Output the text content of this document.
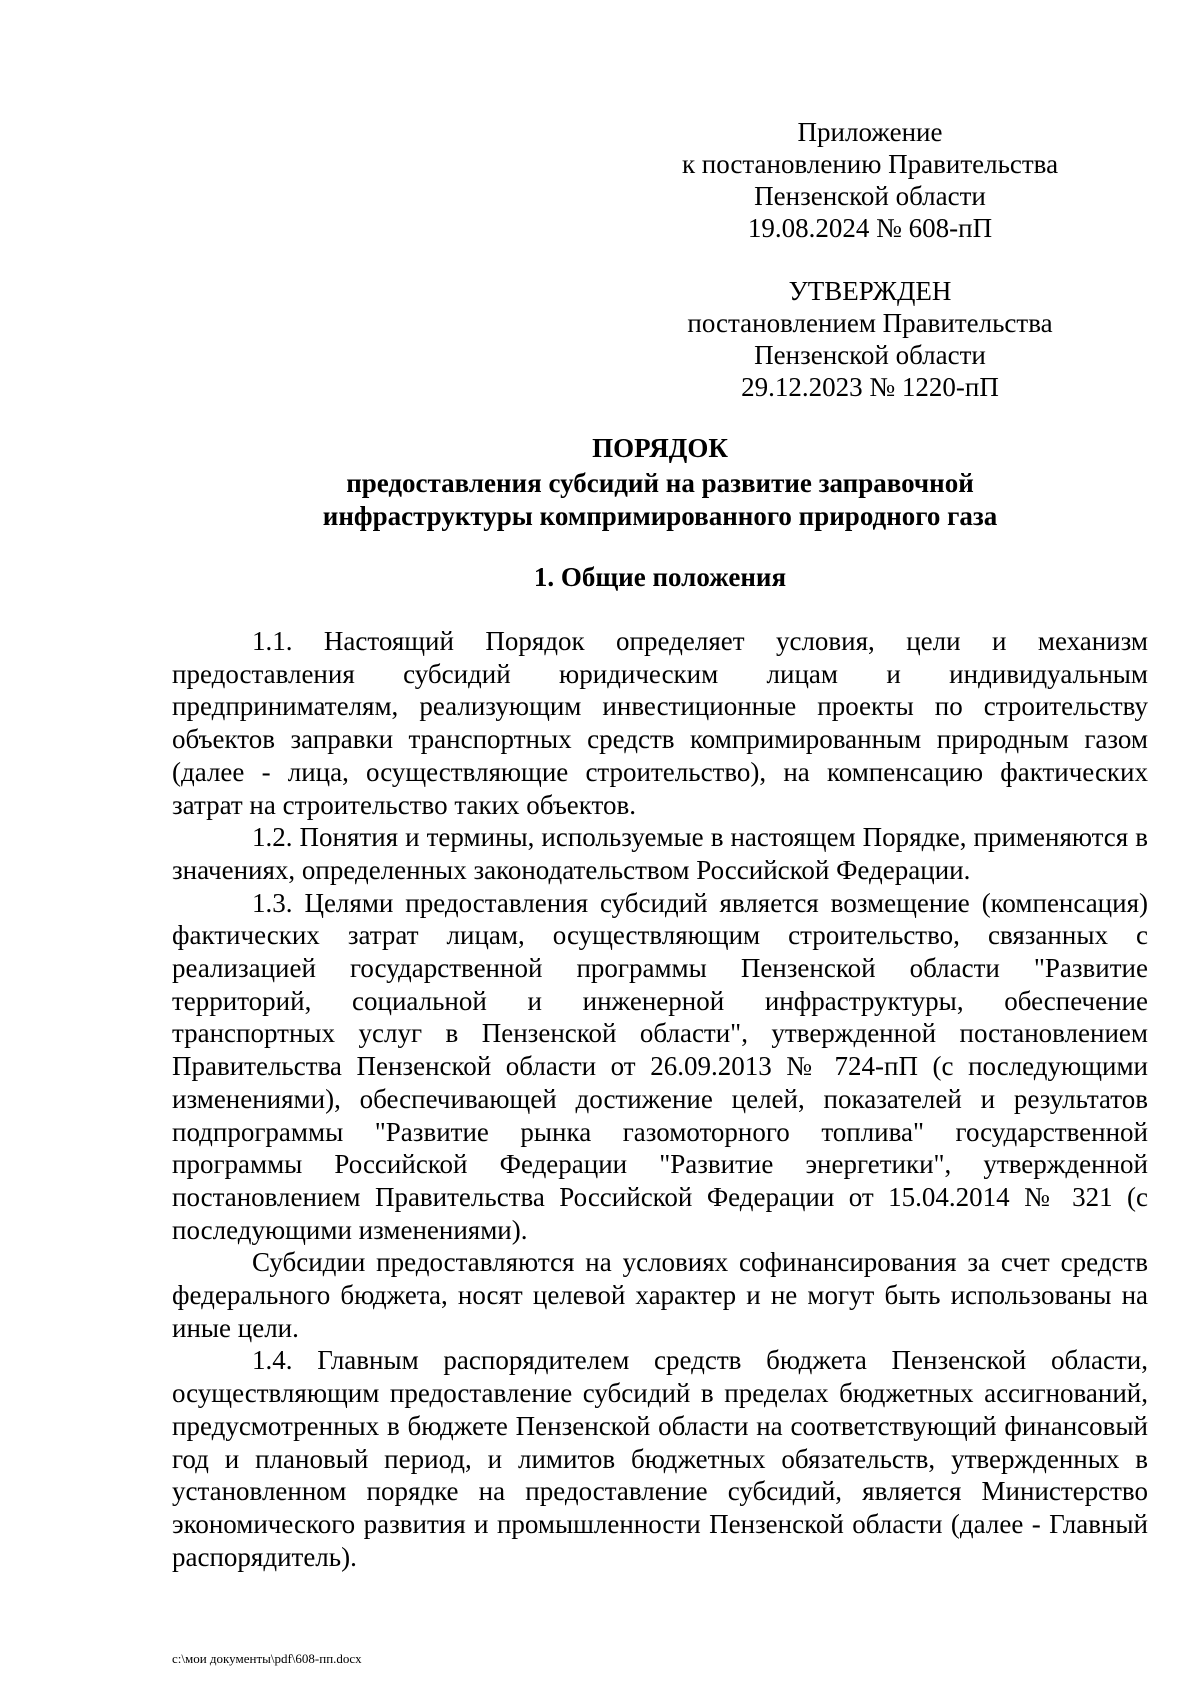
Приложение
к постановлению Правительства
Пензенской области
19.08.2024 № 608-пП
УТВЕРЖДЕН
постановлением Правительства
Пензенской области
29.12.2023 № 1220-пП
ПОРЯДОК
предоставления субсидий на развитие заправочной
инфраструктуры компримированного природного газа
1. Общие положения

1.1. Настоящий Порядок определяет условия, цели и механизм предоставления субсидий юридическим лицам и индивидуальным предпринимателям, реализующим инвестиционные проекты по строительству объектов заправки транспортных средств компримированным природным газом (далее - лица, осуществляющие строительство), на компенсацию фактических затрат на строительство таких объектов.

1.2. Понятия и термины, используемые в настоящем Порядке, применяются в значениях, определенных законодательством Российской Федерации.

1.3. Целями предоставления субсидий является возмещение (компенсация) фактических затрат лицам, осуществляющим строительство, связанных с реализацией государственной программы Пензенской области "Развитие территорий, социальной и инженерной инфраструктуры, обеспечение транспортных услуг в Пензенской области", утвержденной постановлением Правительства Пензенской области от 26.09.2013 № 724-пП (с последующими изменениями), обеспечивающей достижение целей, показателей и результатов подпрограммы "Развитие рынка газомоторного топлива" государственной программы Российской Федерации "Развитие энергетики", утвержденной постановлением Правительства Российской Федерации от 15.04.2014 № 321 (с последующими изменениями).

Субсидии предоставляются на условиях софинансирования за счет средств федерального бюджета, носят целевой характер и не могут быть использованы на иные цели.

1.4. Главным распорядителем средств бюджета Пензенской области, осуществляющим предоставление субсидий в пределах бюджетных ассигнований, предусмотренных в бюджете Пензенской области на соответствующий финансовый год и плановый период, и лимитов бюджетных обязательств, утвержденных в установленном порядке на предоставление субсидий, является Министерство экономического развития и промышленности Пензенской области (далее - Главный распорядитель).

c:\мои документы\pdf\608-пп.docx
